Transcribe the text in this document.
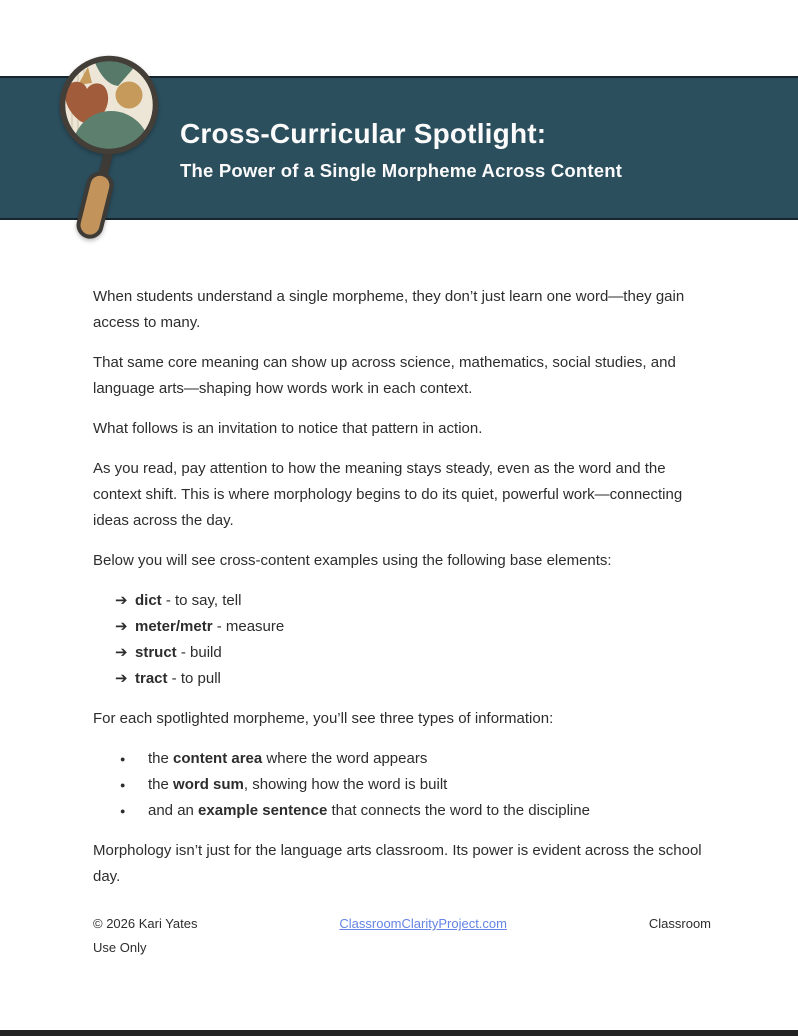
Cross-Curricular Spotlight:
The Power of a Single Morpheme Across Content

When students understand a single morpheme, they don’t just learn one word—they gain access to many.

That same core meaning can show up across science, mathematics, social studies, and language arts—shaping how words work in each context.

What follows is an invitation to notice that pattern in action.

As you read, pay attention to how the meaning stays steady, even as the word and the context shift. This is where morphology begins to do its quiet, powerful work—connecting ideas across the day.

Below you will see cross-content examples using the following base elements:

➔ dict - to say, tell
➔ meter/metr - measure
➔ struct - build
➔ tract - to pull

For each spotlighted morpheme, you’ll see three types of information:

●	the content area where the word appears
●	the word sum, showing how the word is built
●	and an example sentence that connects the word to the discipline

Morphology isn’t just for the language arts classroom. Its power is evident across the school day.

© 2026 Kari Yates	ClassroomClarityProject.com	Classroom
Use Only
